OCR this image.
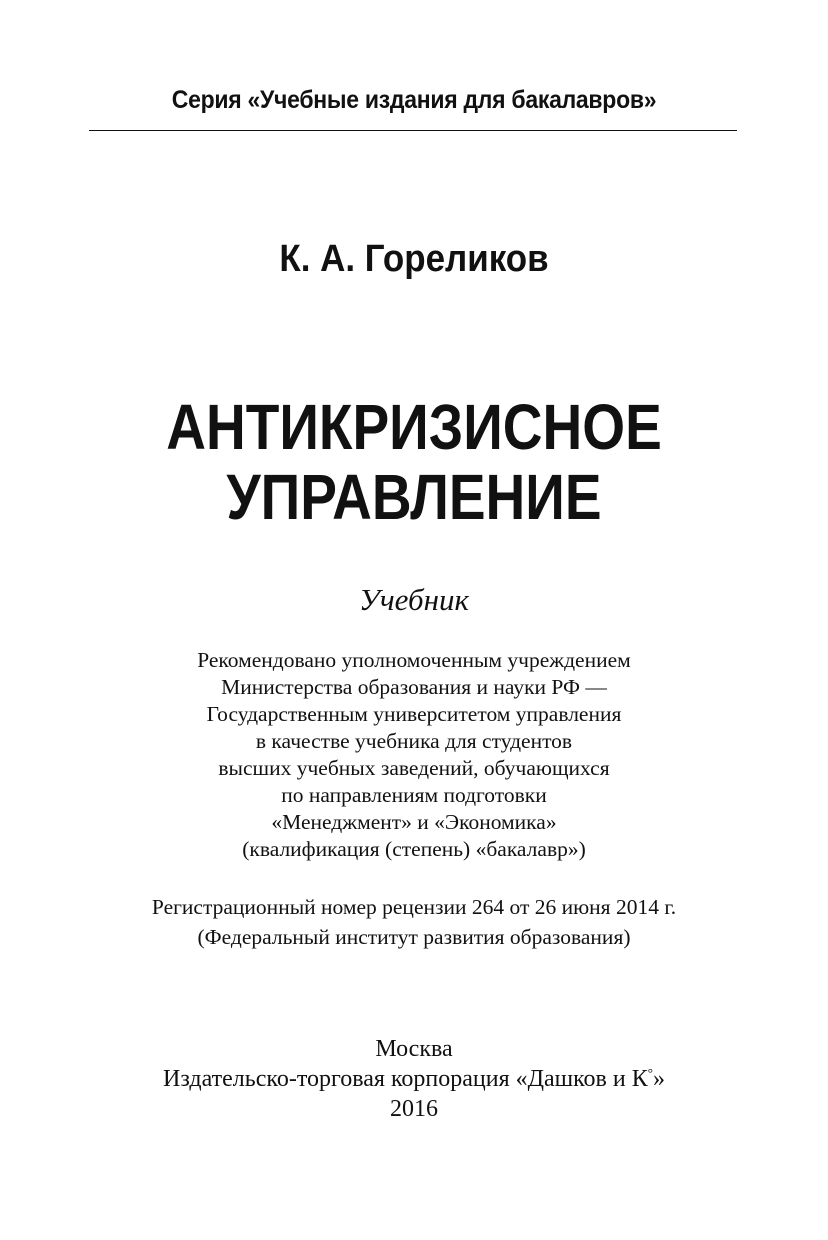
Серия «Учебные издания для бакалавров»
К. А. Гореликов
АНТИКРИЗИСНОЕ
УПРАВЛЕНИЕ
Учебник
Рекомендовано уполномоченным учреждением
Министерства образования и науки РФ —
Государственным университетом управления
в качестве учебника для студентов
высших учебных заведений, обучающихся
по направлениям подготовки
«Менеджмент» и «Экономика»
(квалификация (степень) «бакалавр»)
Регистрационный номер рецензии 264 от 26 июня 2014 г.
(Федеральный институт развития образования)
Москва
Издательско-торговая корпорация «Дашков и К°»
2016
